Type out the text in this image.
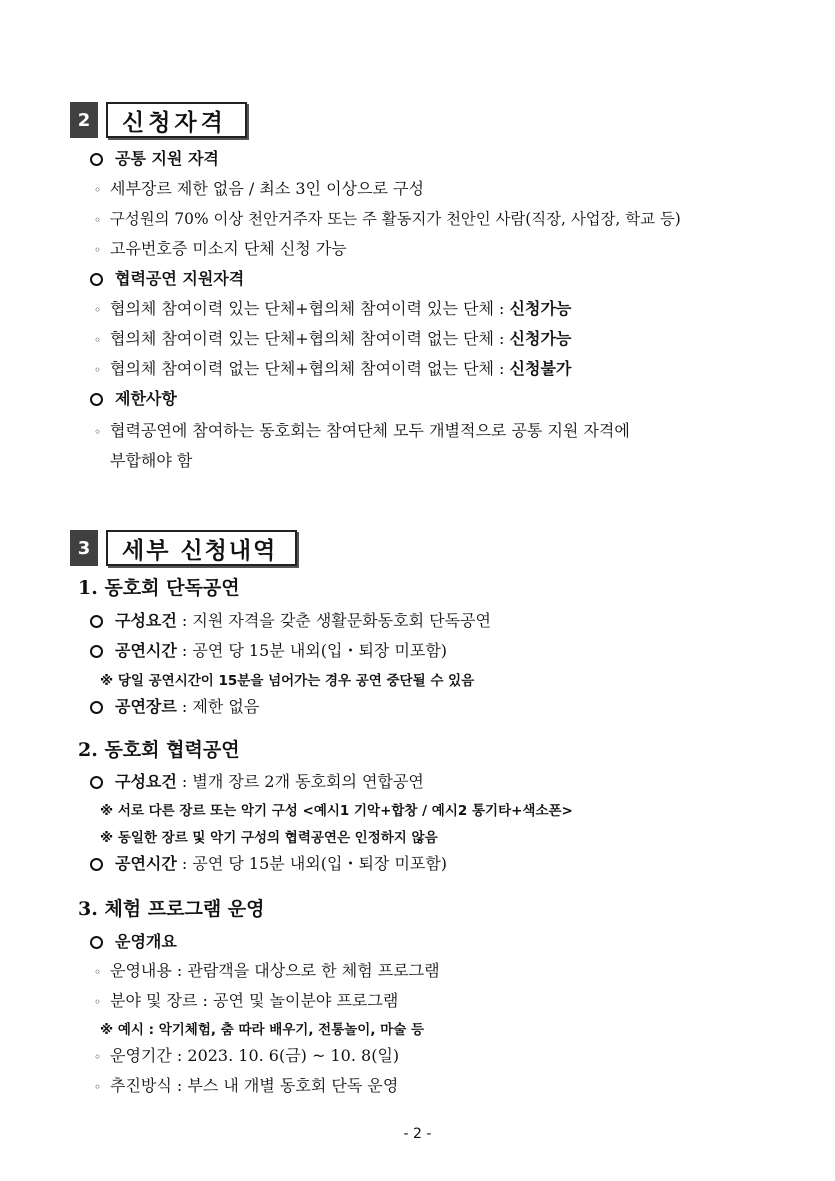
2	신청자격
공통 지원 자격
◦ 세부장르 제한 없음 / 최소 3인 이상으로 구성
◦ 구성원의 70% 이상 천안거주자 또는 주 활동지가 천안인 사람(직장, 사업장, 학교 등)
◦ 고유번호증 미소지 단체 신청 가능
협력공연 지원자격
◦ 협의체 참여이력 있는 단체+협의체 참여이력 있는 단체 : 신청가능
◦ 협의체 참여이력 있는 단체+협의체 참여이력 없는 단체 : 신청가능
◦ 협의체 참여이력 없는 단체+협의체 참여이력 없는 단체 : 신청불가
제한사항
◦ 협력공연에 참여하는 동호회는 참여단체 모두 개별적으로 공통 지원 자격에
부합해야 함
3	세부 신청내역
1. 동호회 단독공연
구성요건 : 지원 자격을 갖춘 생활문화동호회 단독공연
공연시간 : 공연 당 15분 내외(입・퇴장 미포함)
※ 당일 공연시간이 15분을 넘어가는 경우 공연 중단될 수 있음
공연장르 : 제한 없음
2. 동호회 협력공연
구성요건 : 별개 장르 2개 동호회의 연합공연
※ 서로 다른 장르 또는 악기 구성 <예시1 기악+합창 / 예시2 통기타+색소폰>
※ 동일한 장르 및 악기 구성의 협력공연은 인정하지 않음
공연시간 : 공연 당 15분 내외(입・퇴장 미포함)
3. 체험 프로그램 운영
운영개요
◦ 운영내용 : 관람객을 대상으로 한 체험 프로그램
◦ 분야 및 장르 : 공연 및 놀이분야 프로그램
※ 예시 : 악기체험, 춤 따라 배우기, 전통놀이, 마술 등
◦ 운영기간 : 2023. 10. 6(금) ~ 10. 8(일)
◦ 추진방식 : 부스 내 개별 동호회 단독 운영
- 2 -
